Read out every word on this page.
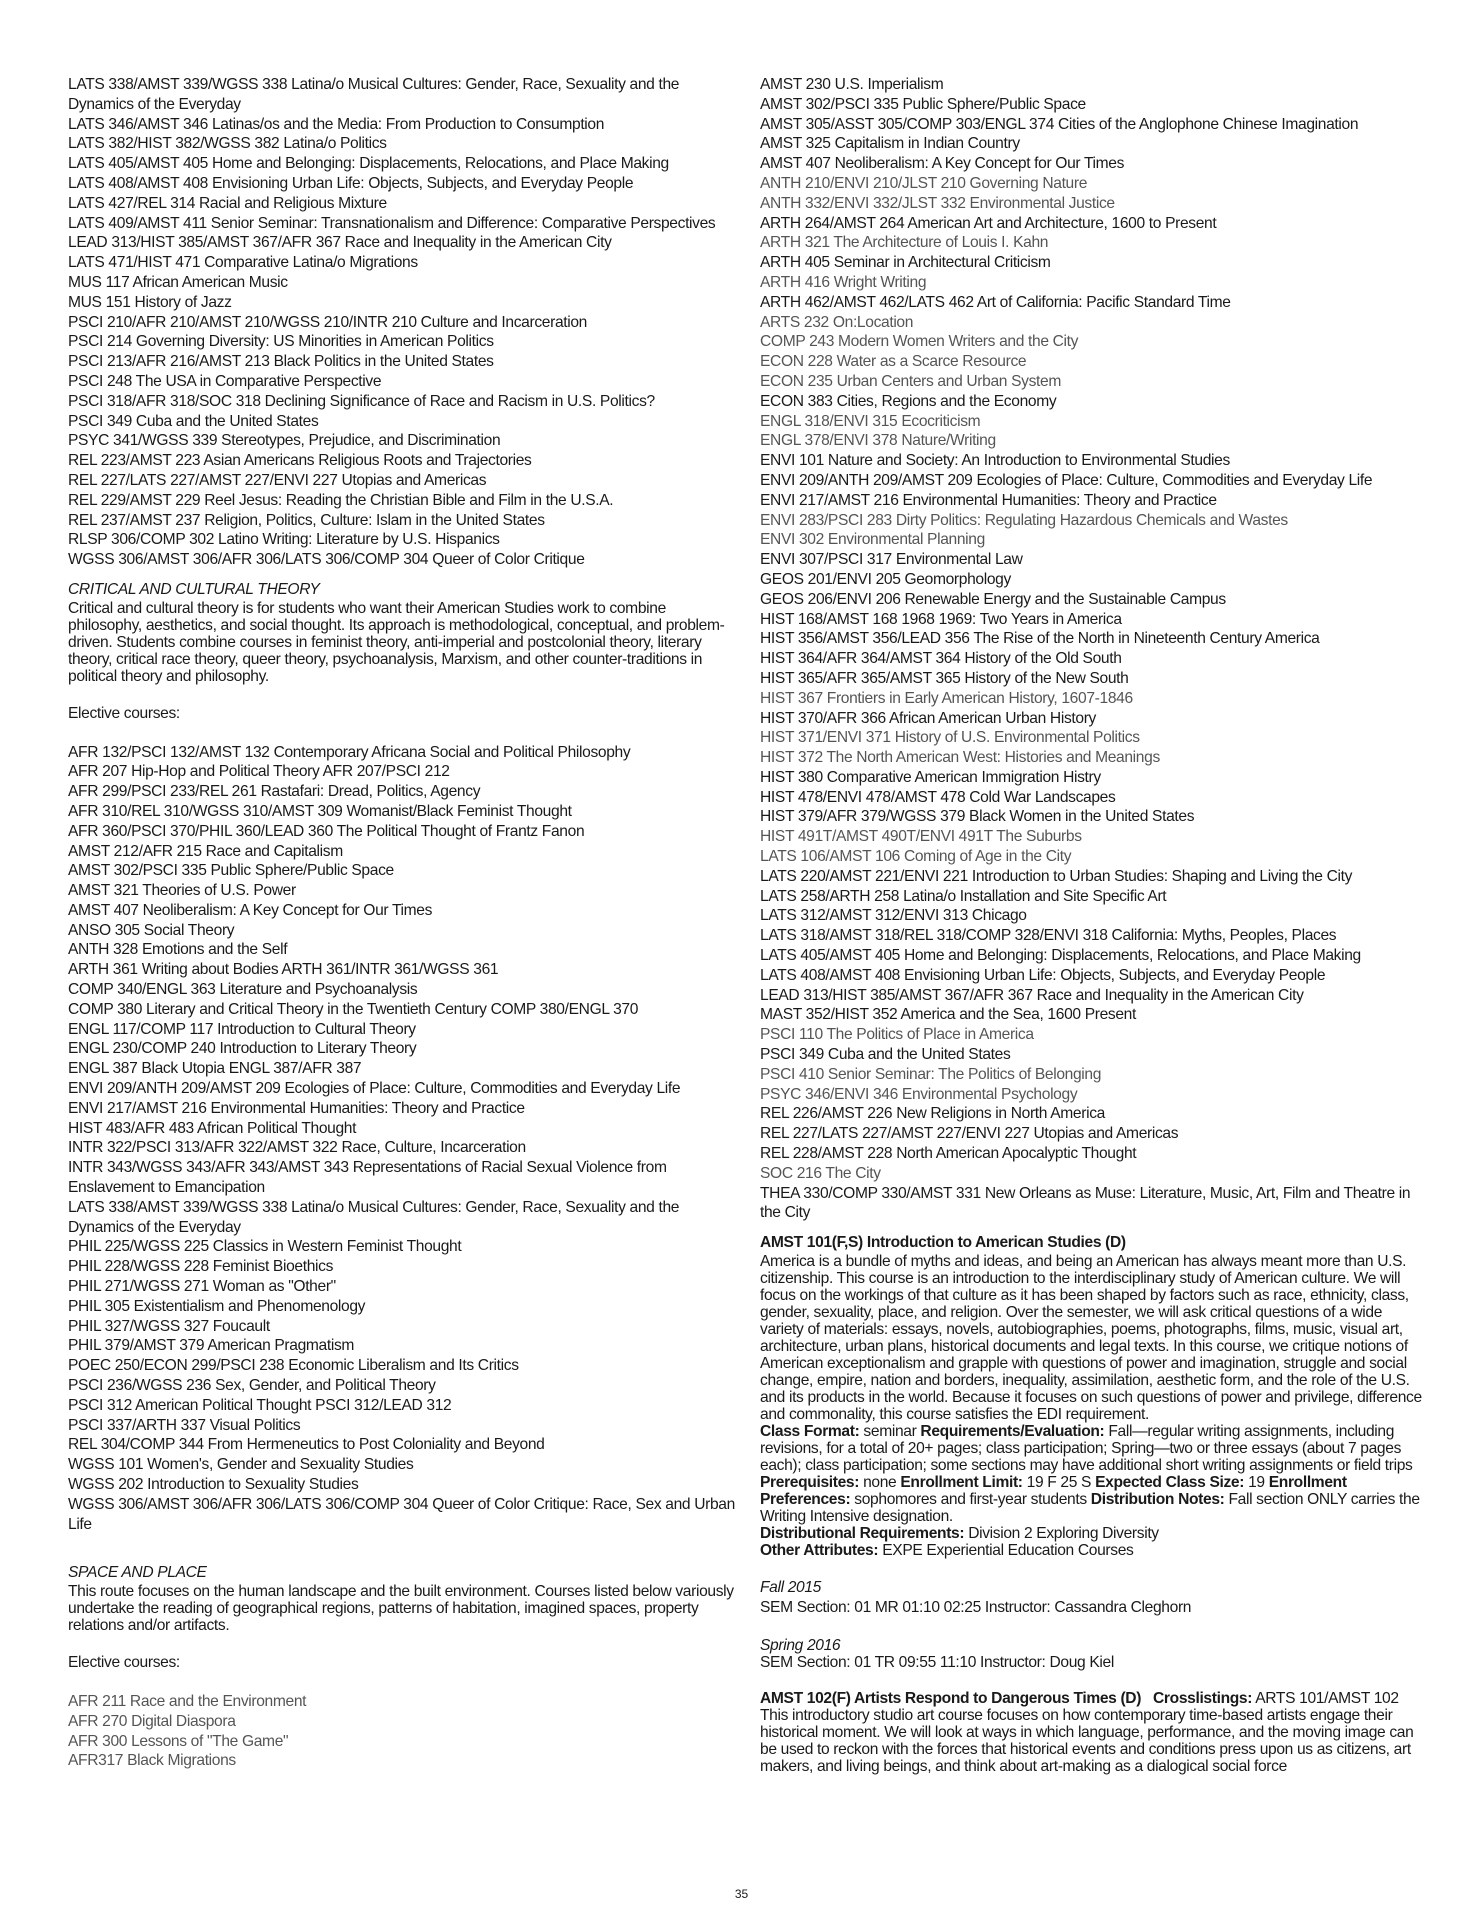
LATS 338/AMST 339/WGSS 338 Latina/o Musical Cultures: Gender, Race, Sexuality and the Dynamics of the Everyday
LATS 346/AMST 346 Latinas/os and the Media: From Production to Consumption
LATS 382/HIST 382/WGSS 382 Latina/o Politics
LATS 405/AMST 405 Home and Belonging: Displacements, Relocations, and Place Making
LATS 408/AMST 408 Envisioning Urban Life: Objects, Subjects, and Everyday People
LATS 427/REL 314 Racial and Religious Mixture
LATS 409/AMST 411 Senior Seminar: Transnationalism and Difference: Comparative Perspectives
LEAD 313/HIST 385/AMST 367/AFR 367 Race and Inequality in the American City
LATS 471/HIST 471 Comparative Latina/o Migrations
MUS 117 African American Music
MUS 151 History of Jazz
PSCI 210/AFR 210/AMST 210/WGSS 210/INTR 210 Culture and Incarceration
PSCI 214 Governing Diversity: US Minorities in American Politics
PSCI 213/AFR 216/AMST 213 Black Politics in the United States
PSCI 248 The USA in Comparative Perspective
PSCI 318/AFR 318/SOC 318 Declining Significance of Race and Racism in U.S. Politics?
PSCI 349 Cuba and the United States
PSYC 341/WGSS 339 Stereotypes, Prejudice, and Discrimination
REL 223/AMST 223 Asian Americans Religious Roots and Trajectories
REL 227/LATS 227/AMST 227/ENVI 227 Utopias and Americas
REL 229/AMST 229 Reel Jesus: Reading the Christian Bible and Film in the U.S.A.
REL 237/AMST 237 Religion, Politics, Culture: Islam in the United States
RLSP 306/COMP 302 Latino Writing: Literature by U.S. Hispanics
WGSS 306/AMST 306/AFR 306/LATS 306/COMP 304 Queer of Color Critique
CRITICAL AND CULTURAL THEORY
Critical and cultural theory is for students who want their American Studies work to combine philosophy, aesthetics, and social thought. Its approach is methodological, conceptual, and problem-driven. Students combine courses in feminist theory, anti-imperial and postcolonial theory, literary theory, critical race theory, queer theory, psychoanalysis, Marxism, and other counter-traditions in political theory and philosophy.
Elective courses:
AFR 132/PSCI 132/AMST 132 Contemporary Africana Social and Political Philosophy
AFR 207 Hip-Hop and Political Theory AFR 207/PSCI 212
AFR 299/PSCI 233/REL 261 Rastafari: Dread, Politics, Agency
AFR 310/REL 310/WGSS 310/AMST 309 Womanist/Black Feminist Thought
AFR 360/PSCI 370/PHIL 360/LEAD 360 The Political Thought of Frantz Fanon
AMST 212/AFR 215 Race and Capitalism
AMST 302/PSCI 335 Public Sphere/Public Space
AMST 321 Theories of U.S. Power
AMST 407 Neoliberalism: A Key Concept for Our Times
ANSO 305 Social Theory
ANTH 328 Emotions and the Self
ARTH 361 Writing about Bodies ARTH 361/INTR 361/WGSS 361
COMP 340/ENGL 363 Literature and Psychoanalysis
COMP 380 Literary and Critical Theory in the Twentieth Century COMP 380/ENGL 370
ENGL 117/COMP 117 Introduction to Cultural Theory
ENGL 230/COMP 240 Introduction to Literary Theory
ENGL 387 Black Utopia ENGL 387/AFR 387
ENVI 209/ANTH 209/AMST 209 Ecologies of Place: Culture, Commodities and Everyday Life
ENVI 217/AMST 216 Environmental Humanities: Theory and Practice
HIST 483/AFR 483 African Political Thought
INTR 322/PSCI 313/AFR 322/AMST 322 Race, Culture, Incarceration
INTR 343/WGSS 343/AFR 343/AMST 343 Representations of Racial Sexual Violence from Enslavement to Emancipation
LATS 338/AMST 339/WGSS 338 Latina/o Musical Cultures: Gender, Race, Sexuality and the Dynamics of the Everyday
PHIL 225/WGSS 225 Classics in Western Feminist Thought
PHIL 228/WGSS 228 Feminist Bioethics
PHIL 271/WGSS 271 Woman as "Other"
PHIL 305 Existentialism and Phenomenology
PHIL 327/WGSS 327 Foucault
PHIL 379/AMST 379 American Pragmatism
POEC 250/ECON 299/PSCI 238 Economic Liberalism and Its Critics
PSCI 236/WGSS 236 Sex, Gender, and Political Theory
PSCI 312 American Political Thought PSCI 312/LEAD 312
PSCI 337/ARTH 337 Visual Politics
REL 304/COMP 344 From Hermeneutics to Post Coloniality and Beyond
WGSS 101 Women's, Gender and Sexuality Studies
WGSS 202 Introduction to Sexuality Studies
WGSS 306/AMST 306/AFR 306/LATS 306/COMP 304 Queer of Color Critique: Race, Sex and Urban Life
SPACE AND PLACE
This route focuses on the human landscape and the built environment. Courses listed below variously undertake the reading of geographical regions, patterns of habitation, imagined spaces, property relations and/or artifacts.
Elective courses:
AFR 211 Race and the Environment
AFR 270 Digital Diaspora
AFR 300 Lessons of "The Game"
AFR317 Black Migrations
AMST 230 U.S. Imperialism
AMST 302/PSCI 335 Public Sphere/Public Space
AMST 305/ASST 305/COMP 303/ENGL 374 Cities of the Anglophone Chinese Imagination
AMST 325 Capitalism in Indian Country
AMST 407 Neoliberalism: A Key Concept for Our Times
ANTH 210/ENVI 210/JLST 210 Governing Nature
ANTH 332/ENVI 332/JLST 332 Environmental Justice
ARTH 264/AMST 264 American Art and Architecture, 1600 to Present
ARTH 321 The Architecture of Louis I. Kahn
ARTH 405 Seminar in Architectural Criticism
ARTH 416 Wright Writing
ARTH 462/AMST 462/LATS 462 Art of California: Pacific Standard Time
ARTS 232 On:Location
COMP 243 Modern Women Writers and the City
ECON 228 Water as a Scarce Resource
ECON 235 Urban Centers and Urban System
ECON 383 Cities, Regions and the Economy
ENGL 318/ENVI 315 Ecocriticism
ENGL 378/ENVI 378 Nature/Writing
ENVI 101 Nature and Society: An Introduction to Environmental Studies
ENVI 209/ANTH 209/AMST 209 Ecologies of Place: Culture, Commodities and Everyday Life
ENVI 217/AMST 216 Environmental Humanities: Theory and Practice
ENVI 283/PSCI 283 Dirty Politics: Regulating Hazardous Chemicals and Wastes
ENVI 302 Environmental Planning
ENVI 307/PSCI 317 Environmental Law
GEOS 201/ENVI 205 Geomorphology
GEOS 206/ENVI 206 Renewable Energy and the Sustainable Campus
HIST 168/AMST 168 1968 1969: Two Years in America
HIST 356/AMST 356/LEAD 356 The Rise of the North in Nineteenth Century America
HIST 364/AFR 364/AMST 364 History of the Old South
HIST 365/AFR 365/AMST 365 History of the New South
HIST 367 Frontiers in Early American History, 1607-1846
HIST 370/AFR 366 African American Urban History
HIST 371/ENVI 371 History of U.S. Environmental Politics
HIST 372 The North American West: Histories and Meanings
HIST 380 Comparative American Immigration Histry
HIST 478/ENVI 478/AMST 478 Cold War Landscapes
HIST 379/AFR 379/WGSS 379 Black Women in the United States
HIST 491T/AMST 490T/ENVI 491T The Suburbs
LATS 106/AMST 106 Coming of Age in the City
LATS 220/AMST 221/ENVI 221 Introduction to Urban Studies: Shaping and Living the City
LATS 258/ARTH 258 Latina/o Installation and Site Specific Art
LATS 312/AMST 312/ENVI 313 Chicago
LATS 318/AMST 318/REL 318/COMP 328/ENVI 318 California: Myths, Peoples, Places
LATS 405/AMST 405 Home and Belonging: Displacements, Relocations, and Place Making
LATS 408/AMST 408 Envisioning Urban Life: Objects, Subjects, and Everyday People
LEAD 313/HIST 385/AMST 367/AFR 367 Race and Inequality in the American City
MAST 352/HIST 352 America and the Sea, 1600 Present
PSCI 110 The Politics of Place in America
PSCI 349 Cuba and the United States
PSCI 410 Senior Seminar: The Politics of Belonging
PSYC 346/ENVI 346 Environmental Psychology
REL 226/AMST 226 New Religions in North America
REL 227/LATS 227/AMST 227/ENVI 227 Utopias and Americas
REL 228/AMST 228 North American Apocalyptic Thought
SOC 216 The City
THEA 330/COMP 330/AMST 331 New Orleans as Muse: Literature, Music, Art, Film and Theatre in the City
AMST 101(F,S) Introduction to American Studies (D)
America is a bundle of myths and ideas, and being an American has always meant more than U.S. citizenship. This course is an introduction to the interdisciplinary study of American culture. We will focus on the workings of that culture as it has been shaped by factors such as race, ethnicity, class, gender, sexuality, place, and religion. Over the semester, we will ask critical questions of a wide variety of materials: essays, novels, autobiographies, poems, photographs, films, music, visual art, architecture, urban plans, historical documents and legal texts. In this course, we critique notions of American exceptionalism and grapple with questions of power and imagination, struggle and social change, empire, nation and borders, inequality, assimilation, aesthetic form, and the role of the U.S. and its products in the world. Because it focuses on such questions of power and privilege, difference and commonality, this course satisfies the EDI requirement.
Class Format: seminar Requirements/Evaluation: Fall—regular writing assignments, including revisions, for a total of 20+ pages; class participation; Spring—two or three essays (about 7 pages each); class participation; some sections may have additional short writing assignments or field trips Prerequisites: none Enrollment Limit: 19 F 25 S Expected Class Size: 19 Enrollment Preferences: sophomores and first-year students Distribution Notes: Fall section ONLY carries the Writing Intensive designation.
Distributional Requirements: Division 2 Exploring Diversity
Other Attributes: EXPE Experiential Education Courses
Fall 2015
SEM Section: 01 MR 01:10 02:25 Instructor: Cassandra Cleghorn
Spring 2016
SEM Section: 01 TR 09:55 11:10 Instructor: Doug Kiel
AMST 102(F) Artists Respond to Dangerous Times (D) Crosslistings: ARTS 101/AMST 102
This introductory studio art course focuses on how contemporary time-based artists engage their historical moment. We will look at ways in which language, performance, and the moving image can be used to reckon with the forces that historical events and conditions press upon us as citizens, art makers, and living beings, and think about art-making as a dialogical social force
35
